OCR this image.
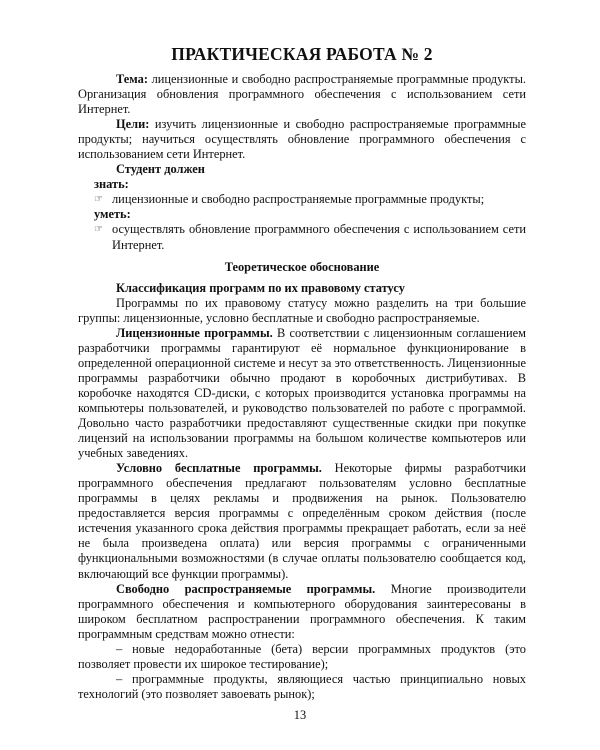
ПРАКТИЧЕСКАЯ РАБОТА № 2

Тема: лицензионные и свободно распространяемые программные продукты. Организация обновления программного обеспечения с использованием сети Интернет.

Цели: изучить лицензионные и свободно распространяемые программные продукты; научиться осуществлять обновление программного обеспечения с использованием сети Интернет.

Студент должен

знать:

☞ лицензионные и свободно распространяемые программные продукты;

уметь:

☞ осуществлять обновление программного обеспечения с использованием сети Интернет.

Теоретическое обоснование

Классификация программ по их правовому статусу

Программы по их правовому статусу можно разделить на три большие группы: лицензионные, условно бесплатные и свободно распространяемые.

Лицензионные программы. В соответствии с лицензионным соглашением разработчики программы гарантируют её нормальное функционирование в определенной операционной системе и несут за это ответственность. Лицензионные программы разработчики обычно продают в коробочных дистрибутивах. В коробочке находятся CD-диски, с которых производится установка программы на компьютеры пользователей, и руководство пользователей по работе с программой. Довольно часто разработчики предоставляют существенные скидки при покупке лицензий на использовании программы на большом количестве компьютеров или учебных заведениях.

Условно бесплатные программы. Некоторые фирмы разработчики программного обеспечения предлагают пользователям условно бесплатные программы в целях рекламы и продвижения на рынок. Пользователю предоставляется версия программы с определённым сроком действия (после истечения указанного срока действия программы прекращает работать, если за неё не была произведена оплата) или версия программы с ограниченными функциональными возможностями (в случае оплаты пользователю сообщается код, включающий все функции программы).

Свободно распространяемые программы. Многие производители программного обеспечения и компьютерного оборудования заинтересованы в широком бесплатном распространении программного обеспечения. К таким программным средствам можно отнести:

– новые недоработанные (бета) версии программных продуктов (это позволяет провести их широкое тестирование);

– программные продукты, являющиеся частью принципиально новых технологий (это позволяет завоевать рынок);

13
